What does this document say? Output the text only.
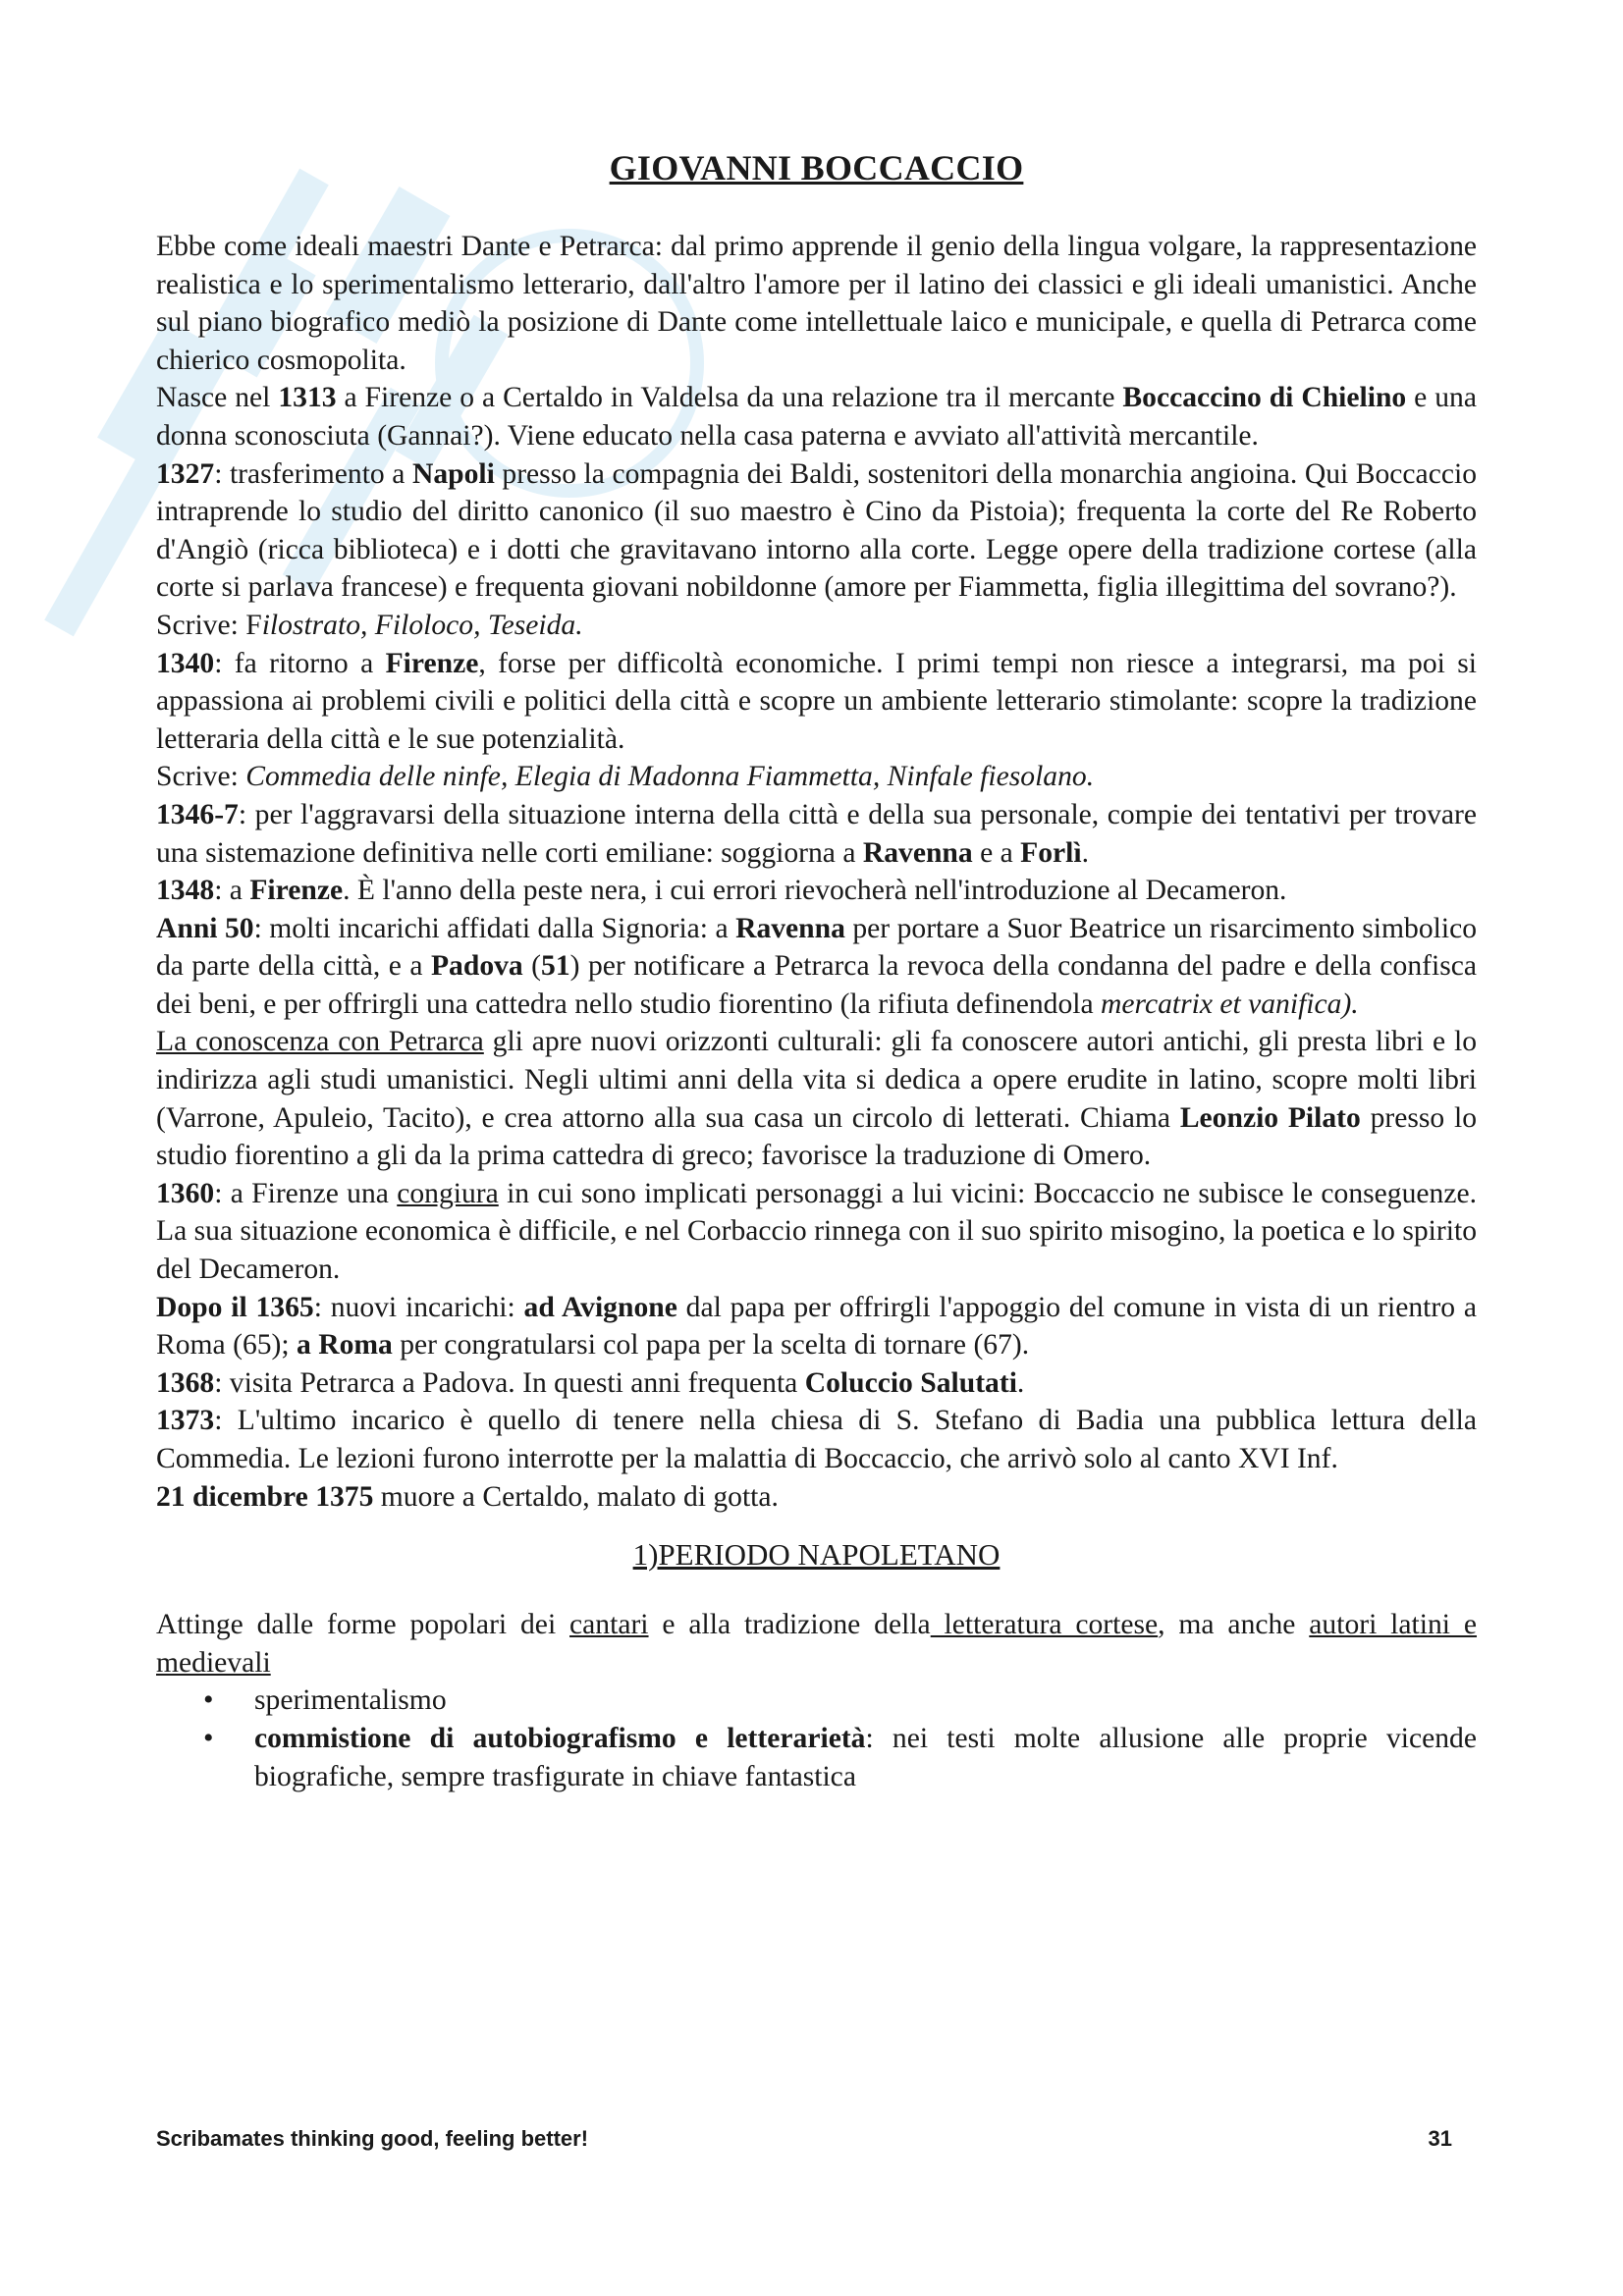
GIOVANNI BOCCACCIO

Ebbe come ideali maestri Dante e Petrarca: dal primo apprende il genio della lingua volgare, la rappresentazione realistica e lo sperimentalismo letterario, dall'altro l'amore per il latino dei classici e gli ideali umanistici. Anche sul piano biografico mediò la posizione di Dante come intellettuale laico e municipale, e quella di Petrarca come chierico cosmopolita.

Nasce nel 1313 a Firenze o a Certaldo in Valdelsa da una relazione tra il mercante Boccaccino di Chielino e una donna sconosciuta (Gannai?). Viene educato nella casa paterna e avviato all'attività mercantile.

1327: trasferimento a Napoli presso la compagnia dei Baldi, sostenitori della monarchia angioina. Qui Boccaccio intraprende lo studio del diritto canonico (il suo maestro è Cino da Pistoia); frequenta la corte del Re Roberto d'Angiò (ricca biblioteca) e i dotti che gravitavano intorno alla corte. Legge opere della tradizione cortese (alla corte si parlava francese) e frequenta giovani nobildonne (amore per Fiammetta, figlia illegittima del sovrano?).

Scrive: Filostrato, Filoloco, Teseida.

1340: fa ritorno a Firenze, forse per difficoltà economiche. I primi tempi non riesce a integrarsi, ma poi si appassiona ai problemi civili e politici della città e scopre un ambiente letterario stimolante: scopre la tradizione letteraria della città e le sue potenzialità.

Scrive: Commedia delle ninfe, Elegia di Madonna Fiammetta, Ninfale fiesolano.

1346-7: per l'aggravarsi della situazione interna della città e della sua personale, compie dei tentativi per trovare una sistemazione definitiva nelle corti emiliane: soggiorna a Ravenna e a Forlì.

1348: a Firenze. È l'anno della peste nera, i cui errori rievocherà nell'introduzione al Decameron.

Anni 50: molti incarichi affidati dalla Signoria: a Ravenna per portare a Suor Beatrice un risarcimento simbolico da parte della città, e a Padova (51) per notificare a Petrarca la revoca della condanna del padre e della confisca dei beni, e per offrirgli una cattedra nello studio fiorentino (la rifiuta definendola mercatrix et vanifica).

La conoscenza con Petrarca gli apre nuovi orizzonti culturali: gli fa conoscere autori antichi, gli presta libri e lo indirizza agli studi umanistici. Negli ultimi anni della vita si dedica a opere erudite in latino, scopre molti libri (Varrone, Apuleio, Tacito), e crea attorno alla sua casa un circolo di letterati. Chiama Leonzio Pilato presso lo studio fiorentino a gli da la prima cattedra di greco; favorisce la traduzione di Omero.

1360: a Firenze una congiura in cui sono implicati personaggi a lui vicini: Boccaccio ne subisce le conseguenze. La sua situazione economica è difficile, e nel Corbaccio rinnega con il suo spirito misogino, la poetica e lo spirito del Decameron.

Dopo il 1365: nuovi incarichi: ad Avignone dal papa per offrirgli l'appoggio del comune in vista di un rientro a Roma (65); a Roma per congratularsi col papa per la scelta di tornare (67).

1368: visita Petrarca a Padova. In questi anni frequenta Coluccio Salutati.

1373: L'ultimo incarico è quello di tenere nella chiesa di S. Stefano di Badia una pubblica lettura della Commedia. Le lezioni furono interrotte per la malattia di Boccaccio, che arrivò solo al canto XVI Inf.

21 dicembre 1375 muore a Certaldo, malato di gotta.

1)PERIODO NAPOLETANO

Attinge dalle forme popolari dei cantari e alla tradizione della letteratura cortese, ma anche autori latini e medievali

• sperimentalismo
• commistione di autobiografismo e letterarietà: nei testi molte allusione alle proprie vicende biografiche, sempre trasfigurate in chiave fantastica
Scribamates thinking good, feeling better!	31
